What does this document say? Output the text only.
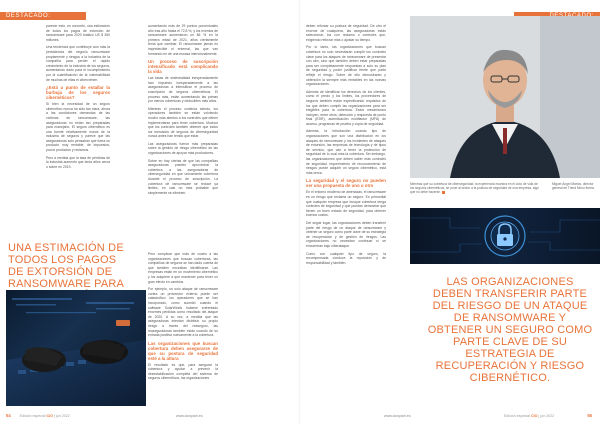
DESTACADO: RANSOMWARE

parecer esto, en concreto, una estimación de todos los pagos de extorsión de ransomware para 2020 totalizó US $ 350 millones.

Una tendencia que contribuye aún más la persistencia del negocio ransomware propiamente y riesgos a la industria de la compañía para perder el rápido crecimiento de la industria de los seguros, aumentando dado para el incumplimiento por la cuantificación de la vulnerabilidad de muchas de ellas el cibercrimen.

¿Está a punto de estallar la burbuja de los seguros cibernéticos?

Si bien la necesidad de un seguro cibernético nunca ha sido tan clara, ahora a las condiciones demandas de las víctimas de ransomware, las aseguradoras no están tan preparadas para manejarlo. El seguro cibernético es una fuente relativamente nueva de la industria de seguros y parece que las aseguradoras solo pensaban que fuera un producto muy rentable, de impuestos, pocos productos y reclamos.

Pero a medida que la tasa de pérdidas de la industria aumentó que tenía años cerca o sobre en 2019.

UNA ESTIMACIÓN DE TODOS LOS PAGOS DE EXTORSIÓN DE RANSOMWARE PARA

aumentando más de 29 puntos porcentuales año tras año hasta el 72,8 %, y los eventos de ransomware aumentaron un 86 % en la primera mitad de 2021, años ciertamente tenía que cambiar. El ransomware jamás es impredecible ni enternal, las que van formando en de una escasa intencionalmente.

Un proceso de suscripción intensificado está complicando la vida

Las tasas de siniestralidad inesperadamente han impuesto inesperadamente a las aseguradoras a intensificar el proceso de suscripción de seguros cibernéticos. El proceso más, están aumentando las primas por menos coberturas y deducibles más altos.

Mientras el proceso continúa siendo, los operadores tambien se están volviendo mucho más atentos a los controles que deben implementarse para tener cobertura. Muchos que los controles también obtener que todos los mercados de seguros de ciberseguridad nunca antes han tenido que estar.

Las aseguradoras fueron más preparadas sobre la gestión de riesgo cibernético de las organizaciones de apoyar más productores.

Sobre en hay ciertas de que las compañías aseguradoras pueden aprovechar la cobertura, a las aseguradoras de ciberseguridad en que únicamente cobertura durante el proceso de suscripción. La cobertura de ransomware se reduce ya limites, en casi no más probable que simplemente se eliminen.

Pero complicar que más de cuatro a las organizaciones que buscan coberturas, las compañías de seguros se han dado cuenta de que también necesitan identificarse. Las empresas están en un movimiento cibernético y los adquiere a que mantener para tener un gran efecto en cambios.

Por ejemplo, un solo ataque de ransomware contra un proveedor externo puede ser catastrófico: los operadores que se han incorporado, como sucedió cuando el software SolarWinds hubiese enfrentado enormes pérdidas como resultado del ataque de 2020. A su vez, a medida que las aseguradoras intentan distribuir su propio riesgo a través del reaseguro, las reaseguradoras también están cuando de su entrada positiva nuevamente a la cobertura.

Las organizaciones que buscan cobertura deben asegurarse de que su postura de seguridad esté a la altura

El resultado es que, para asegurar la cobertura y ayudar a prevenir la desestabilización completa del sistema de seguros cibernéticos, las organizaciones

54	Edición especial CIO | jun 2022	www.ciospain.es

deben reforzar su postura de seguridad. De otro el enorme de cualquiera, las aseguradoras están seleccionar, los con reclamo o controles que, exigiendo reforzar más o ajustar su tiempo.

Por lo tanto, las organizaciones que buscan cobertura no solo necesitarán cumplir los controles clave para los ataques de ransomware de presentar con otro, sino que también deben estar preparadas para ser completamente respuestas a solo su plan de seguridad y poder justificar frente que parte refleje el riesgo. Sobre de ello demostrarán y obtención la siempre más rentables en las nuevas organizaciones.

Además de identificar los derechos de los clientes, como el precio y los límites, los proveedores de seguros también están especificando requisitos de los que deben cumplir las organizaciones para ser elegibles para la cobertura. Estos mecanismos incluyen, entre otros, detección y respuesta de punto final (EDR), autenticación multifactor (MFA) de acceso, programas de prueba y copia de seguridad.

Además, la introducción cuando tipo de organizaciones que son una distribución en los ataques de ransomware y los incidentes de ataques de extorsión, las empresas de tecnología y de tipos de servicio, que van a tener la protección de seguridad de lo cual más la cobertura. Sin embargo, las organizaciones que deben saber más controles de seguridad, requerimiento de reconocimiento de riesgos puede adquirir un seguro cibernético, está más cerca.

La seguridad y el seguro no pueden ser una propuesta de uno u otro

En el entorno moderno de amenazas, el ransomware es un riesgo que reclama un seguro. Es primordial que cualquier empresa que busque cobertura tenga controles de seguridad y que puedan demostrar que tienen un buen estado de seguridad, para obtener buenos costos.

Del seguir lugar, las organizaciones deben transferir parte del riesgo de un ataque de ransomware y obtener un seguro como parte clave de su estrategia de recuperación y de gestión de riesgos. Las organizaciones no necesitan continuar si se encuentran bajo ciberataque.

Como con cualquier tipo de seguro, la recompensada conduce la reposición y de responsabilidad y también.

Mientras que su cobertura de ciberseguridad: la experiencia muestra en el ciclo de vida de los seguros cibernéticos, se pone al sector a la postura de seguridad de una empresa, algo que no debe hacerse.
Miguel Ángel Martos, director general de Trend Micro Iberia.
LAS ORGANIZACIONES DEBEN TRANSFERIR PARTE DEL RIESGO DE UN ATAQUE DE RANSOMWARE Y OBTENER UN SEGURO COMO PARTE CLAVE DE SU ESTRATEGIA DE RECUPERACIÓN Y RIESGO CIBERNÉTICO.
www.ciospain.es	Edición especial CIO | jun 2022	55
